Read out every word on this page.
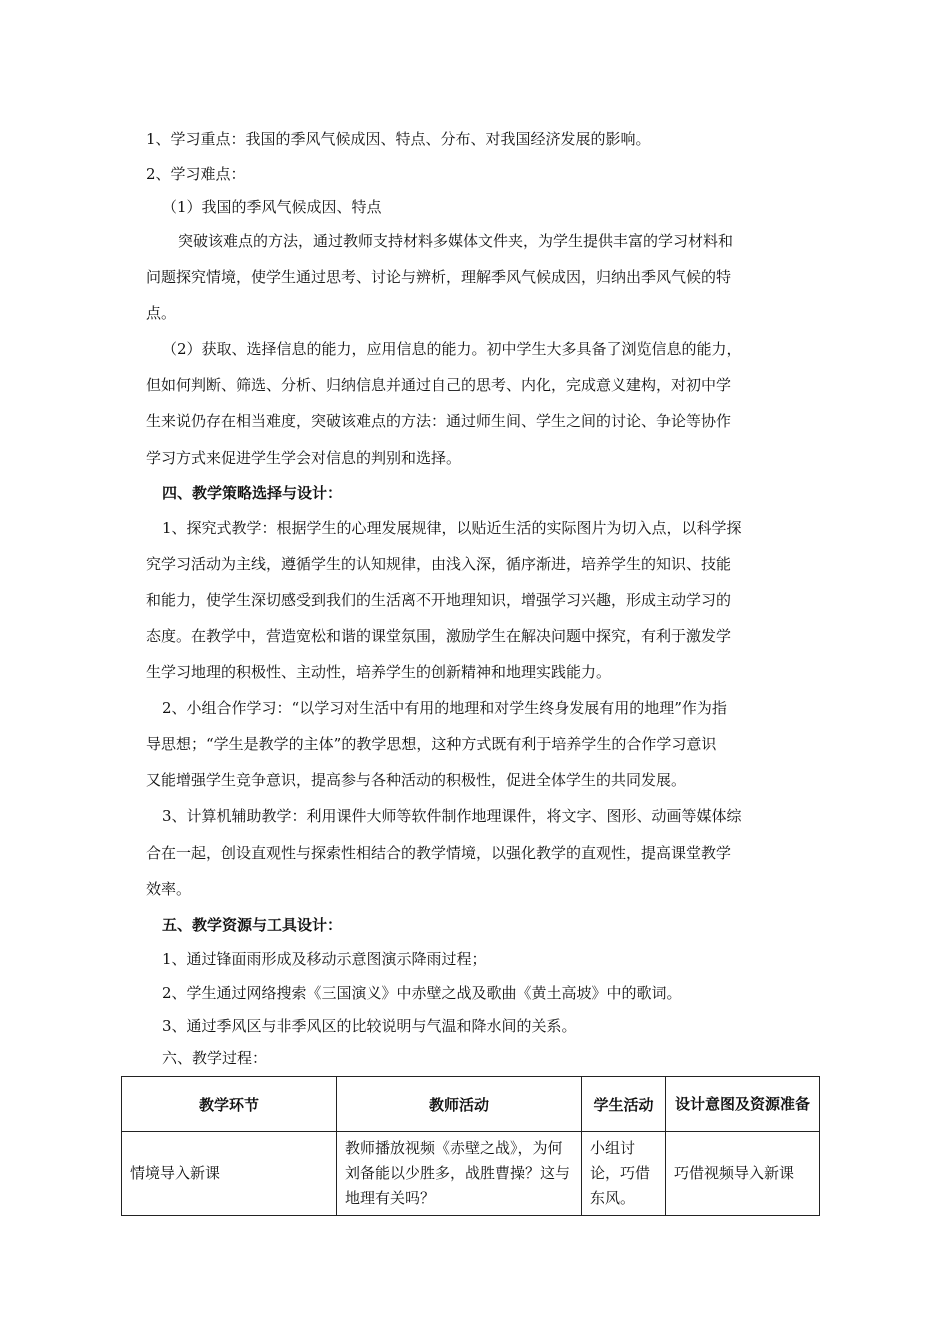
1、学习重点：我国的季风气候成因、特点、分布、对我国经济发展的影响。
2、学习难点：
（1）我国的季风气候成因、特点
突破该难点的方法，通过教师支持材料多媒体文件夹，为学生提供丰富的学习材料和
问题探究情境，使学生通过思考、讨论与辨析，理解季风气候成因，归纳出季风气候的特
点。
（2）获取、选择信息的能力，应用信息的能力。初中学生大多具备了浏览信息的能力，
但如何判断、筛选、分析、归纳信息并通过自己的思考、内化，完成意义建构，对初中学
生来说仍存在相当难度，突破该难点的方法：通过师生间、学生之间的讨论、争论等协作
学习方式来促进学生学会对信息的判别和选择。
四、教学策略选择与设计：
1、探究式教学：根据学生的心理发展规律，以贴近生活的实际图片为切入点，以科学探
究学习活动为主线，遵循学生的认知规律，由浅入深，循序渐进，培养学生的知识、技能
和能力，使学生深切感受到我们的生活离不开地理知识，增强学习兴趣，形成主动学习的
态度。在教学中，营造宽松和谐的课堂氛围，激励学生在解决问题中探究，有利于激发学
生学习地理的积极性、主动性，培养学生的创新精神和地理实践能力。
2、小组合作学习：“以学习对生活中有用的地理和对学生终身发展有用的地理”作为指
导思想；“学生是教学的主体”的教学思想，这种方式既有利于培养学生的合作学习意识
又能增强学生竞争意识，提高参与各种活动的积极性，促进全体学生的共同发展。
3、计算机辅助教学：利用课件大师等软件制作地理课件，将文字、图形、动画等媒体综
合在一起，创设直观性与探索性相结合的教学情境，以强化教学的直观性，提高课堂教学
效率。
五、教学资源与工具设计：
1、通过锋面雨形成及移动示意图演示降雨过程；
2、学生通过网络搜索《三国演义》中赤壁之战及歌曲《黄土高坡》中的歌词。
3、通过季风区与非季风区的比较说明与气温和降水间的关系。
六、教学过程：
教学环节	教师活动	学生活动	设计意图及资源准备
情境导入新课	教师播放视频《赤壁之战》，为何刘备能以少胜多，战胜曹操？这与地理有关吗？	小组讨论，巧借东风。	巧借视频导入新课
